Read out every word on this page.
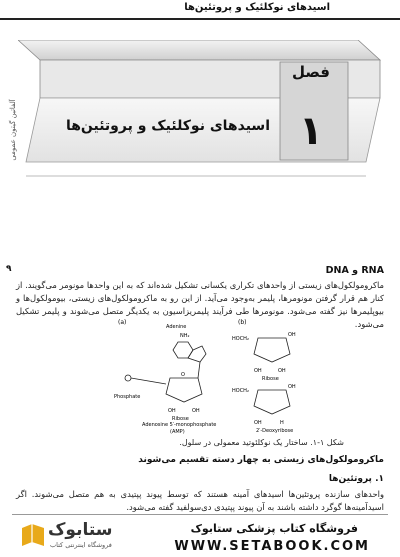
اسیدهای نوکلئیک و پروتئین‌ها
آلفاتین گیتون عمومی
۹
فصل
۱
اسیدهای نوکلئیک و پروتئین‌ها
DNA و RNA
ماکرومولکول‌های زیستی از واحدهای تکراری یکسانی تشکیل شده‌اند که به این واحدها مونومر می‌گویند. از کنار هم قرار گرفتن مونومرها، پلیمر به‌وجود می‌آید. از این رو به ماکرومولکول‌های زیستی، بیومولکول‌ها و بیوپلیمرها نیز گفته می‌شود. مونومرها طی فرآیند پلیمریزاسیون به یکدیگر متصل می‌شوند و پلیمر تشکیل می‌شود.
(a)	(b)
Adenine
NH₂
O
OH	OH
Ribose
Phosphate
Adenosine 5′-monophosphate
(AMP)
HOCH₂
OH
OH	OH
Ribose
HOCH₂
OH
OH	H
2′-Deoxyribose
شکل ۱-۱. ساختار یک نوکلئوتید معمولی در سلول.
ماکرومولکول‌های زیستی به چهار دسته تقسیم می‌شوند
۱. پروتئین‌ها
واحدهای سازنده پروتئین‌ها اسیدهای آمینه هستند که توسط پیوند پپتیدی به هم متصل می‌شوند. اگر اسیدآمینه‌ها گوگرد داشته باشند به آن پیوند پپتیدی دی‌سولفید گفته می‌شود.
ستابوک
فروشگاه اینترنتی کتاب
فروشگاه کتاب پزشکی ستابوک
WWW.SETABOOK.COM
